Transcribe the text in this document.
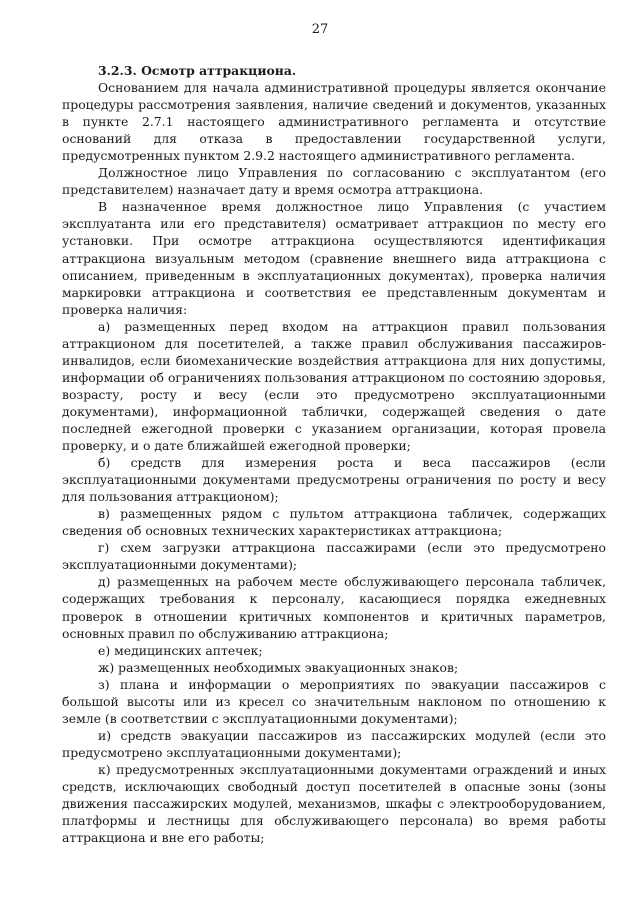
27

3.2.3. Осмотр аттракциона.

Основанием для начала административной процедуры является окончание процедуры рассмотрения заявления, наличие сведений и документов, указанных в пункте 2.7.1 настоящего административного регламента и отсутствие оснований для отказа в предоставлении государственной услуги, предусмотренных пунктом 2.9.2 настоящего административного регламента.

Должностное лицо Управления по согласованию с эксплуатантом (его представителем) назначает дату и время осмотра аттракциона.

В назначенное время должностное лицо Управления (с участием эксплуатанта или его представителя) осматривает аттракцион по месту его установки. При осмотре аттракциона осуществляются идентификация аттракциона визуальным методом (сравнение внешнего вида аттракциона с описанием, приведенным в эксплуатационных документах), проверка наличия маркировки аттракциона и соответствия ее представленным документам и проверка наличия:

а) размещенных перед входом на аттракцион правил пользования аттракционом для посетителей, а также правил обслуживания пассажиров-инвалидов, если биомеханические воздействия аттракциона для них допустимы, информации об ограничениях пользования аттракционом по состоянию здоровья, возрасту, росту и весу (если это предусмотрено эксплуатационными документами), информационной таблички, содержащей сведения о дате последней ежегодной проверки с указанием организации, которая провела проверку, и о дате ближайшей ежегодной проверки;

б) средств для измерения роста и веса пассажиров (если эксплуатационными документами предусмотрены ограничения по росту и весу для пользования аттракционом);

в) размещенных рядом с пультом аттракциона табличек, содержащих сведения об основных технических характеристиках аттракциона;

г) схем загрузки аттракциона пассажирами (если это предусмотрено эксплуатационными документами);

д) размещенных на рабочем месте обслуживающего персонала табличек, содержащих требования к персоналу, касающиеся порядка ежедневных проверок в отношении критичных компонентов и критичных параметров, основных правил по обслуживанию аттракциона;

е) медицинских аптечек;

ж) размещенных необходимых эвакуационных знаков;

з) плана и информации о мероприятиях по эвакуации пассажиров с большой высоты или из кресел со значительным наклоном по отношению к земле (в соответствии с эксплуатационными документами);

и) средств эвакуации пассажиров из пассажирских модулей (если это предусмотрено эксплуатационными документами);

к) предусмотренных эксплуатационными документами ограждений и иных средств, исключающих свободный доступ посетителей в опасные зоны (зоны движения пассажирских модулей, механизмов, шкафы с электрооборудованием, платформы и лестницы для обслуживающего персонала) во время работы аттракциона и вне его работы;
